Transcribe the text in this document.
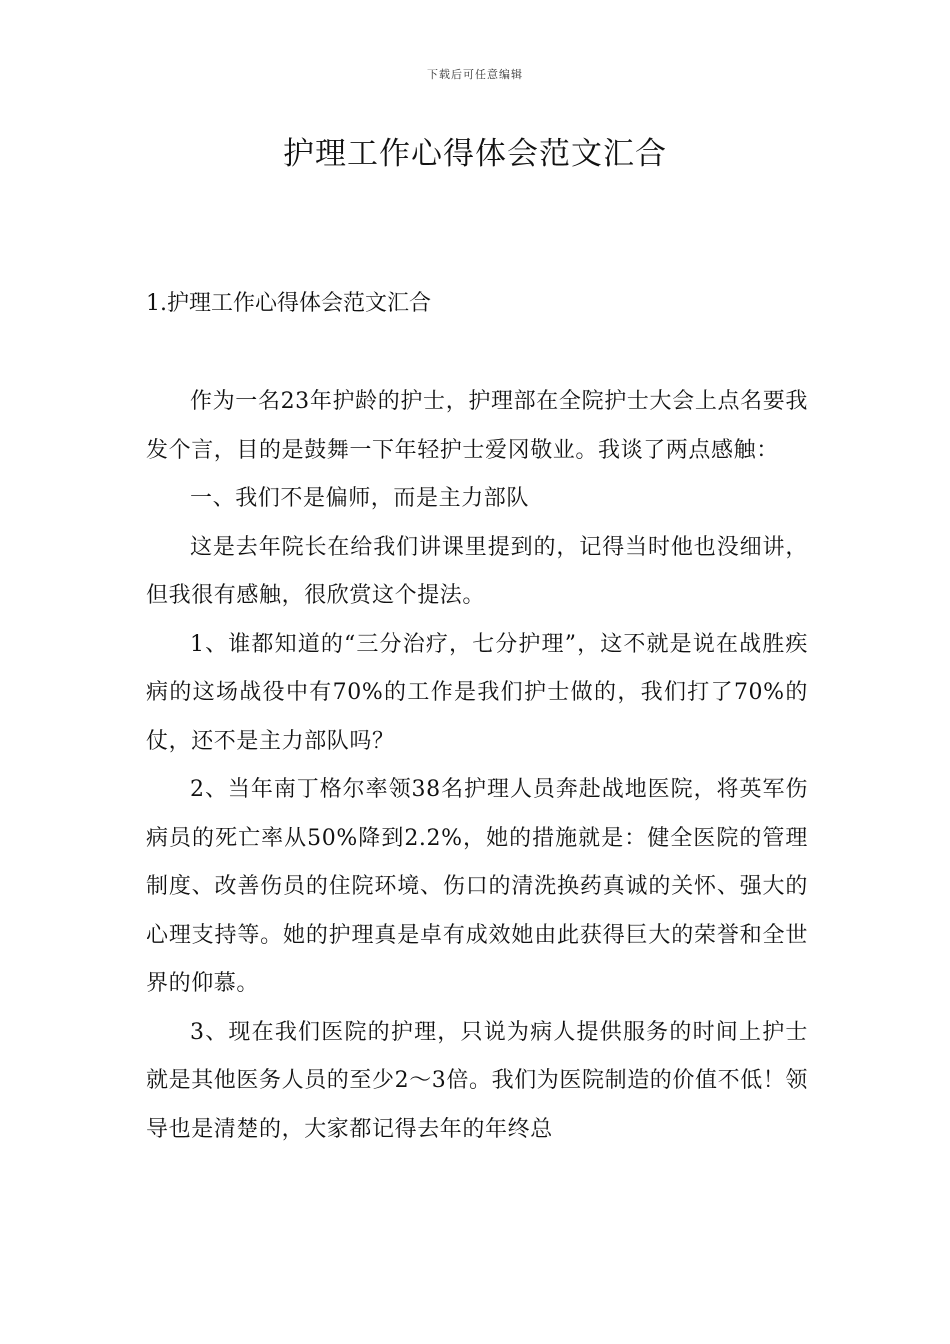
下载后可任意编辑
护理工作心得体会范文汇合
1.护理工作心得体会范文汇合

作为一名23年护龄的护士，护理部在全院护士大会上点名要我发个言，目的是鼓舞一下年轻护士爱冈敬业。我谈了两点感触：

一、我们不是偏师，而是主力部队

这是去年院长在给我们讲课里提到的，记得当时他也没细讲，但我很有感触，很欣赏这个提法。

1、谁都知道的“三分治疗，七分护理”，这不就是说在战胜疾病的这场战役中有70%的工作是我们护士做的，我们打了70%的仗，还不是主力部队吗？

2、当年南丁格尔率领38名护理人员奔赴战地医院，将英军伤病员的死亡率从50%降到2.2%，她的措施就是：健全医院的管理制度、改善伤员的住院环境、伤口的清洗换药真诚的关怀、强大的心理支持等。她的护理真是卓有成效她由此获得巨大的荣誉和全世界的仰慕。

3、现在我们医院的护理，只说为病人提供服务的时间上护士就是其他医务人员的至少2～3倍。我们为医院制造的价值不低！领导也是清楚的，大家都记得去年的年终总
